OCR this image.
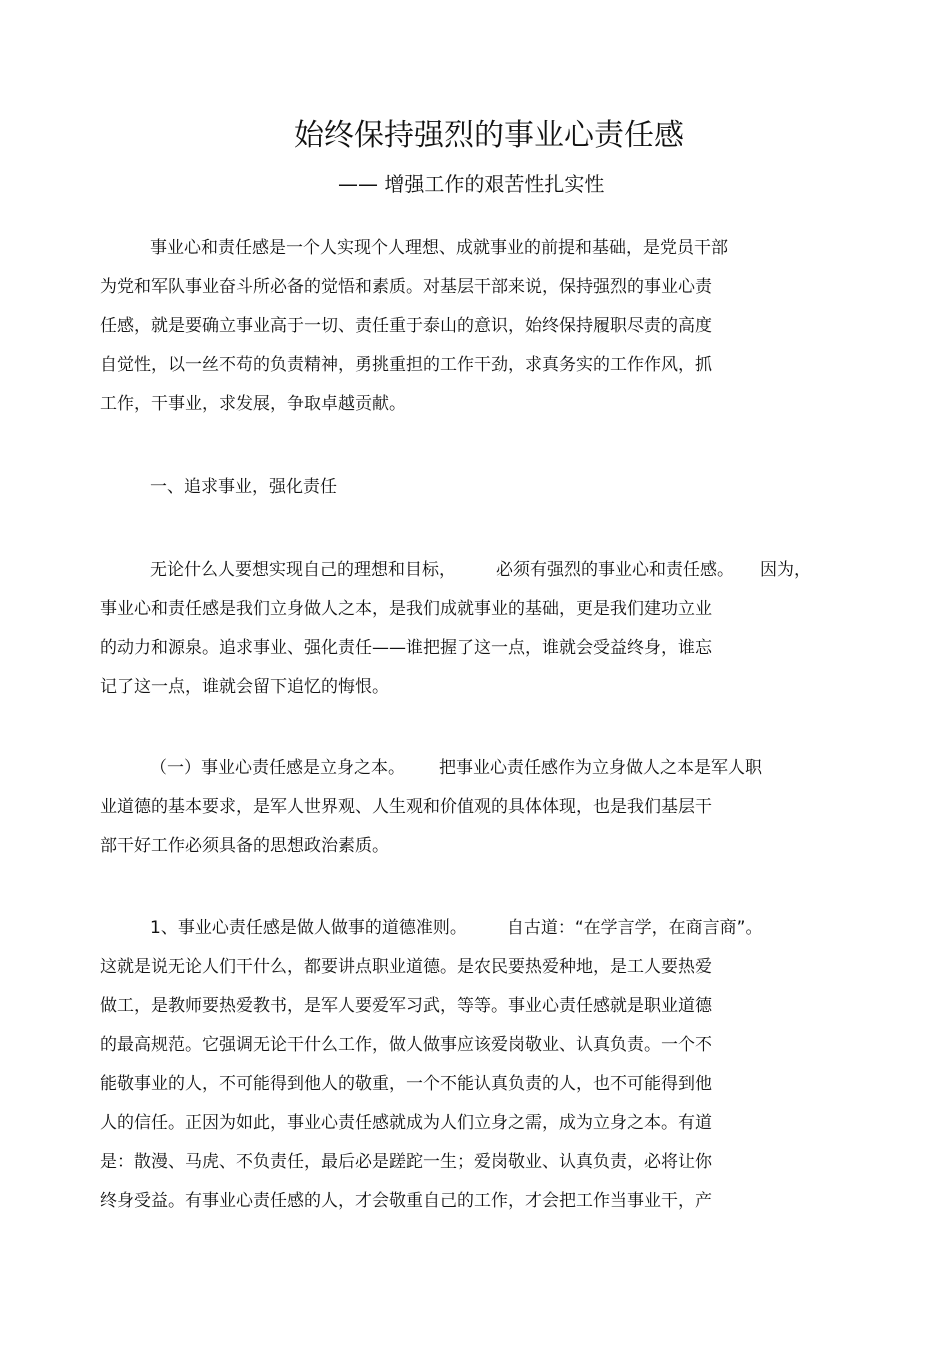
始终保持强烈的事业心责任感
—— 增强工作的艰苦性扎实性
事业心和责任感是一个人实现个人理想、成就事业的前提和基础，是党员干部
为党和军队事业奋斗所必备的觉悟和素质。对基层干部来说，保持强烈的事业心责
任感，就是要确立事业高于一切、责任重于泰山的意识，始终保持履职尽责的高度
自觉性，以一丝不苟的负责精神，勇挑重担的工作干劲，求真务实的工作作风，抓
工作，干事业，求发展，争取卓越贡献。
一、追求事业，强化责任
无论什么人要想实现自己的理想和目标， 必须有强烈的事业心和责任感。 因为，
事业心和责任感是我们立身做人之本，是我们成就事业的基础，更是我们建功立业
的动力和源泉。追求事业、强化责任——谁把握了这一点，谁就会受益终身，谁忘
记了这一点，谁就会留下追忆的悔恨。
（一）事业心责任感是立身之本。 把事业心责任感作为立身做人之本是军人职
业道德的基本要求，是军人世界观、人生观和价值观的具体体现，也是我们基层干
部干好工作必须具备的思想政治素质。
1、事业心责任感是做人做事的道德准则。 自古道：“在学言学，在商言商”。
这就是说无论人们干什么，都要讲点职业道德。是农民要热爱种地，是工人要热爱
做工，是教师要热爱教书，是军人要爱军习武，等等。事业心责任感就是职业道德
的最高规范。它强调无论干什么工作，做人做事应该爱岗敬业、认真负责。一个不
能敬事业的人，不可能得到他人的敬重，一个不能认真负责的人，也不可能得到他
人的信任。正因为如此，事业心责任感就成为人们立身之需，成为立身之本。有道
是：散漫、马虎、不负责任，最后必是蹉跎一生；爱岗敬业、认真负责，必将让你
终身受益。有事业心责任感的人，才会敬重自己的工作，才会把工作当事业干，产
